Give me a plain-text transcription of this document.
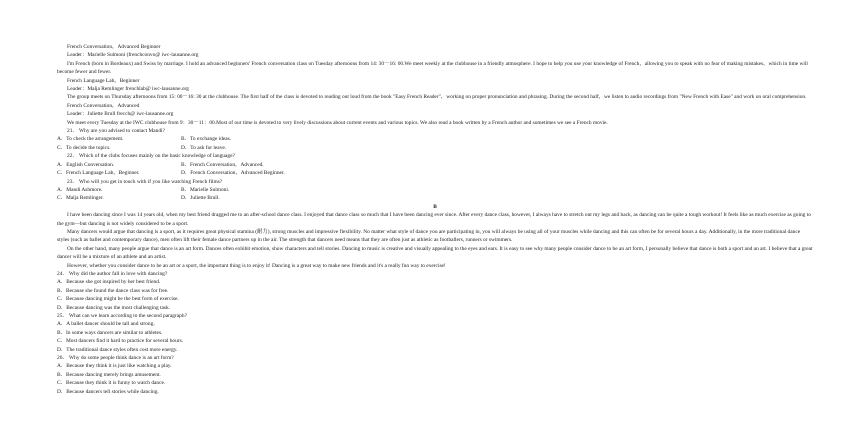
French Conversation，Advanced Beginner

Leader：Marielle Sulmoni (frenchconvo@ iwc-lausanne.org

I'm French (born in Bordeaux) and Swiss by marriage. I hold an advanced beginners' French conversation class on Tuesday afternoons from 14: 30－16: 00.We meet weekly at the clubhouse in a friendly atmosphere. I hope to help you use your knowledge of French，allowing you to speak with no fear of making mistakes，which in time will become fewer and fewer.

French Language Lab，Beginner

Leader：Malja Remlinger frenchlab@ iwc-lausanne.org

The group meets on Thursday afternoons from 15: 00－16: 30 at the clubhouse. The first half of the class is devoted to reading out loud from the book "Easy French Reader"，working on proper pronunciation and phrasing. During the second half，we listen to audio recordings from "New French with Ease" and work on oral comprehension.

French Conversation，Advanced

Leader：Juliette Brull frecch@ iwc-lausanne.org

We meet every Tuesday at the IWC clubhouse from 9：30－11：00.Most of our time is devoted to very lively discussions about current events and various topics. We also read a book written by a French author and sometimes we see a French movie.

21． Why are you advised to contact Mandi?

A．To check the arrangement.	B．To exchange ideas.
C．To decide the topics.	D．To ask for leave.

22． Which of the clubs focuses mainly on the basic knowledge of language?

A．English Conversation.	B．French Conversation，Advanced.
C．French Language Lab，Beginner.	D．French Conversation，Advanced Beginner.

23． Who will you get in touch with if you like watching French films?

A．Mandi Ashmore.	B．Marielle Sulmoni.
C．Malja Remlinger.	D．Juliette Brull.

B

I have been dancing since I was 14 years old, when my best friend dragged me to an after-school dance class. I enjoyed that dance class so much that I have been dancing ever since. After every dance class, however, I always have to stretch out my legs and back, as dancing can be quite a tough workout! It feels like as much exercise as going to the gym—but dancing is not widely considered to be a sport.

Many dancers would argue that dancing is a sport, as it requires great physical stamina (耐力), strong muscles and impressive flexibility. No matter what style of dance you are participating in, you will always be using all of your muscles while dancing and this can often be for several hours a day. Additionally, in the more traditional dance styles (such as ballet and contemporary dance), men often lift their female dance partners up in the air. The strength that dancers need means that they are often just as athletic as footballers, runners or swimmers.

On the other hand, many people argue that dance is an art form. Dances often exhibit emotion, show characters and tell stories. Dancing to music is creative and visually appealing to the eyes and ears. It is easy to see why many people consider dance to be an art form, I personally believe that dance is both a sport and an art. I believe that a great dancer will be a mixture of an athlete and an artist.

However, whether you consider dance to be an art or a sport, the important thing is to enjoy it! Dancing is a great way to make new friends and it's a really fun way to exercise!

24． Why did the author fall in love with dancing?

A．Because she got inspired by her best friend.

B．Because she found the dance class was for free.

C．Because dancing might be the best form of exercise.

D．Because dancing was the most challenging task.

25． What can we learn according to the second paragraph?

A．A ballet dancer should be tall and strong．

B．In some ways dancers are similar to athletes.

C．Most dancers find it hard to practice for several hours.

D．The traditional dance styles often cost more energy.

26． Why do some people think dance is an art form?

A．Because they think it is just like watching a play.

B．Because dancing merely brings amusement.

C．Because they think it is funny to watch dance.

D．Because dancers tell stories while dancing.
